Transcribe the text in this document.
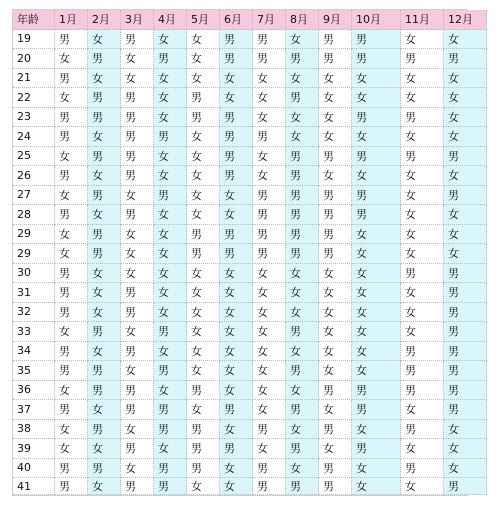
年龄	1月	2月	3月	4月	5月	6月	7月	8月	9月	10月	11月	12月
19	男	女	男	女	女	男	男	女	男	男	女	女
20	女	男	女	男	女	男	男	男	男	男	男	男
21	男	女	女	女	女	女	女	女	女	女	女	女
22	女	男	男	女	男	女	女	男	女	女	女	女
23	男	男	男	女	男	男	女	女	女	男	男	女
24	男	女	男	男	女	男	男	女	女	女	女	女
25	女	男	男	女	女	男	女	男	男	男	男	男
26	男	女	男	女	女	男	女	男	女	女	女	女
27	女	男	女	男	女	女	男	男	男	男	女	男
28	男	女	男	女	女	女	男	男	男	男	女	女
29	女	男	女	女	男	男	男	男	男	女	女	女
29	女	男	女	女	男	男	男	男	男	女	女	女
30	男	女	女	女	女	女	女	女	女	女	男	男
31	男	女	男	女	女	女	女	女	女	女	女	男
32	男	女	男	女	女	女	女	女	女	女	女	男
33	女	男	女	男	女	女	女	男	女	女	女	男
34	男	女	男	女	女	女	女	女	女	女	男	男
35	男	男	女	男	女	女	女	男	女	女	男	男
36	女	男	男	女	男	女	女	女	男	男	男	男
37	男	女	男	男	女	男	女	男	女	男	女	男
38	女	男	女	男	男	女	男	女	男	女	男	女
39	女	女	男	女	男	男	女	男	女	男	女	女
40	男	男	女	男	男	女	男	女	男	女	男	女
41	男	女	男	男	女	女	男	男	男	女	女	男
